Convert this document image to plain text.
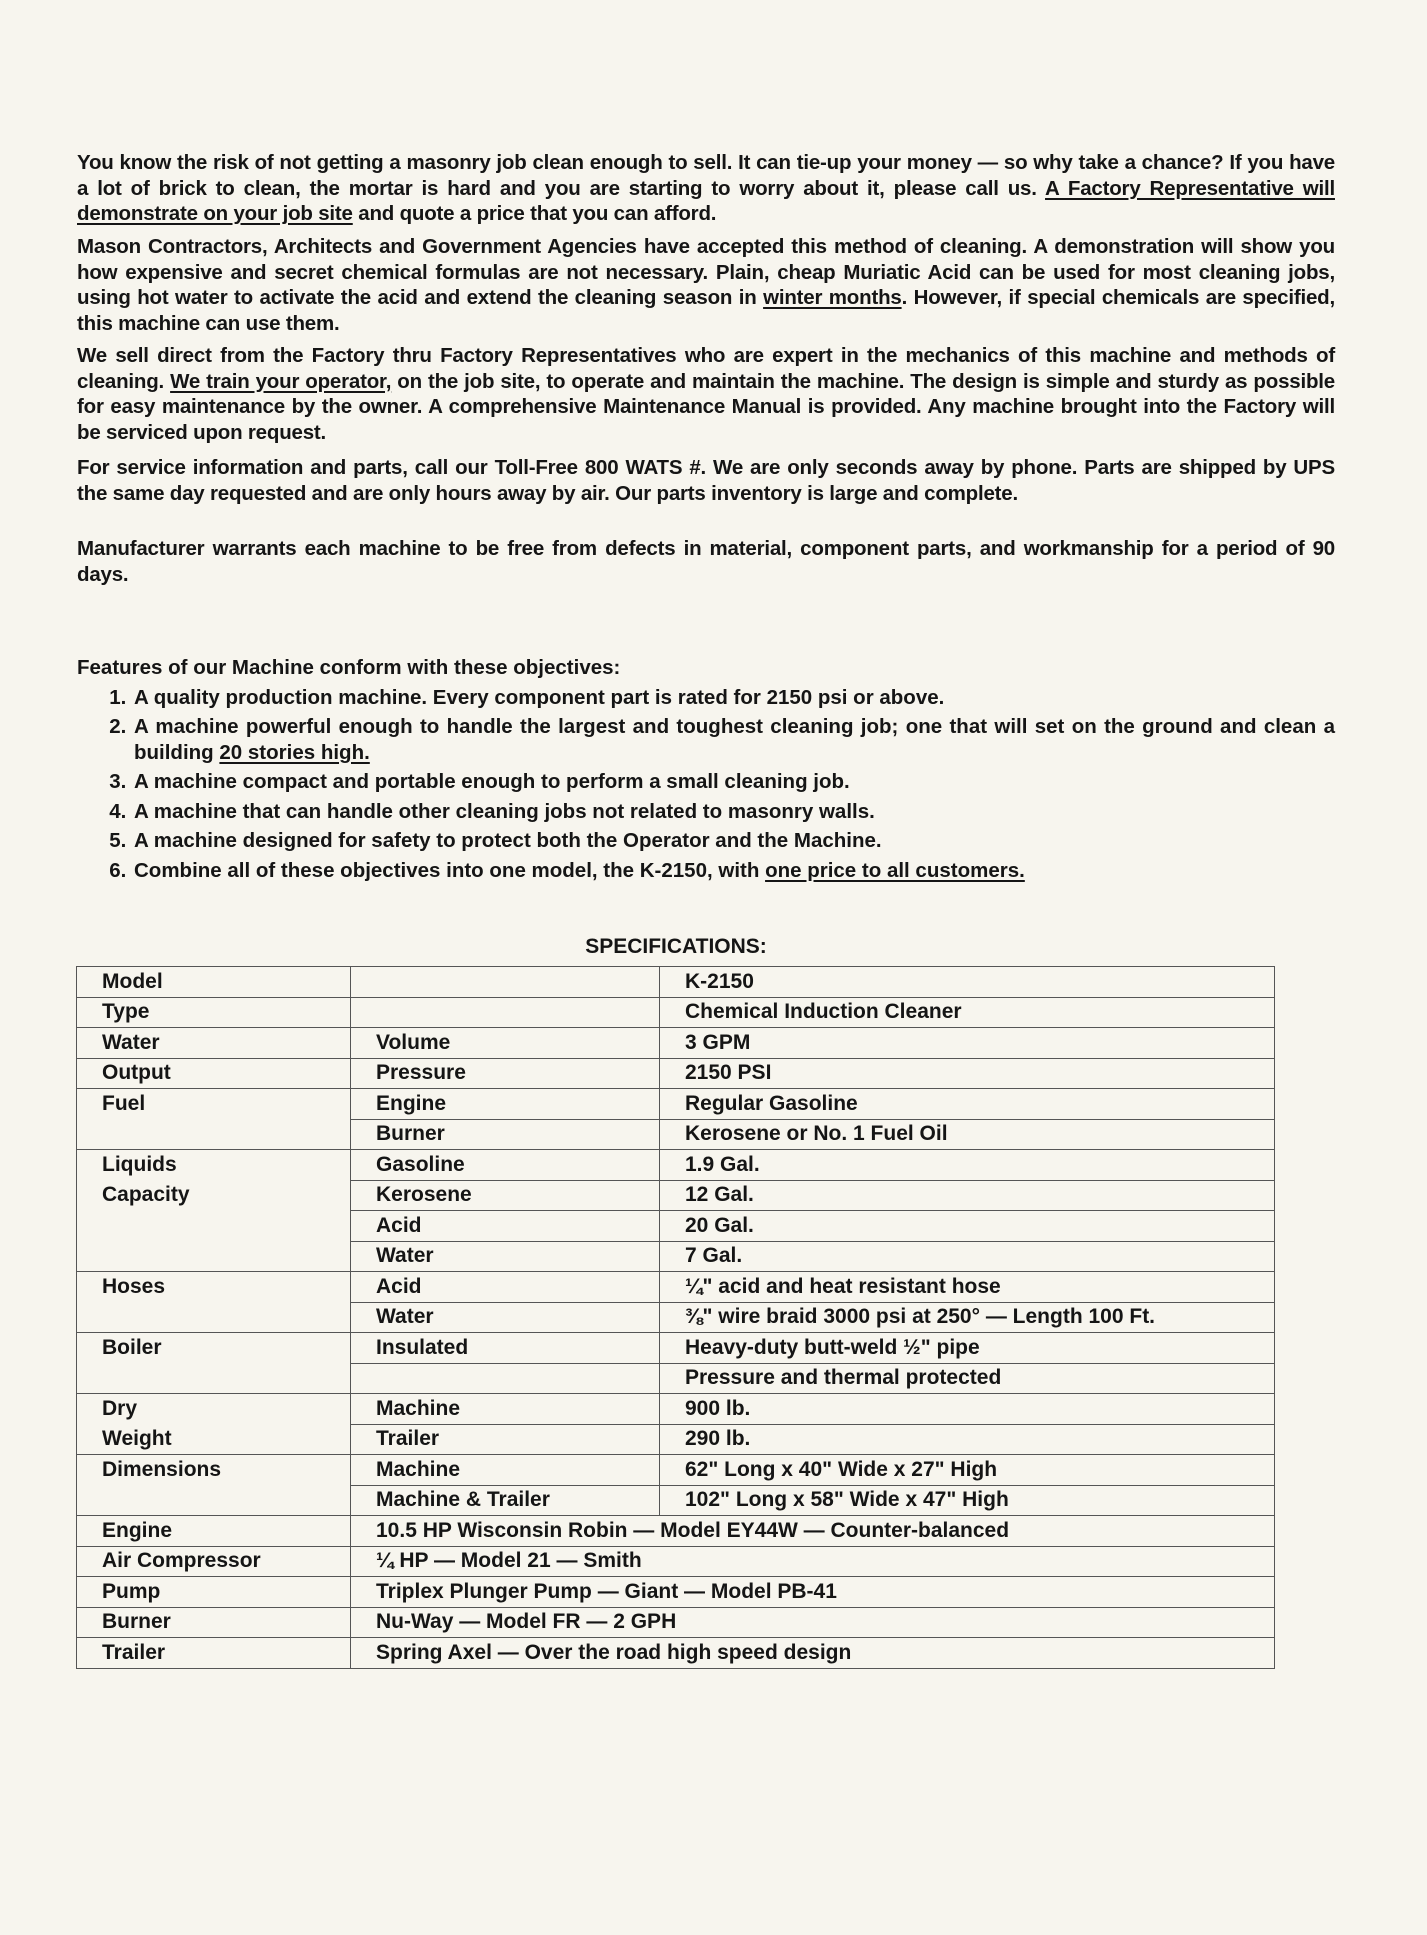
You know the risk of not getting a masonry job clean enough to sell. It can tie-up your money — so why take a chance? If you have a lot of brick to clean, the mortar is hard and you are starting to worry about it, please call us. A Factory Representative will demonstrate on your job site and quote a price that you can afford.

Mason Contractors, Architects and Government Agencies have accepted this method of cleaning. A demonstration will show you how expensive and secret chemical formulas are not necessary. Plain, cheap Muriatic Acid can be used for most cleaning jobs, using hot water to activate the acid and extend the cleaning season in winter months. However, if special chemicals are specified, this machine can use them.

We sell direct from the Factory thru Factory Representatives who are expert in the mechanics of this machine and methods of cleaning. We train your operator, on the job site, to operate and maintain the machine. The design is simple and sturdy as possible for easy maintenance by the owner. A comprehensive Maintenance Manual is provided. Any machine brought into the Factory will be serviced upon request.

For service information and parts, call our Toll-Free 800 WATS #. We are only seconds away by phone. Parts are shipped by UPS the same day requested and are only hours away by air. Our parts inventory is large and complete.

Manufacturer warrants each machine to be free from defects in material, component parts, and workmanship for a period of 90 days.

Features of our Machine conform with these objectives:
1. A quality production machine. Every component part is rated for 2150 psi or above.
2. A machine powerful enough to handle the largest and toughest cleaning job; one that will set on the ground and clean a building 20 stories high.
3. A machine compact and portable enough to perform a small cleaning job.
4. A machine that can handle other cleaning jobs not related to masonry walls.
5. A machine designed for safety to protect both the Operator and the Machine.
6. Combine all of these objectives into one model, the K-2150, with one price to all customers.
SPECIFICATIONS:
Model		K-2150
Type		Chemical Induction Cleaner
Water	Volume	3 GPM
Output	Pressure	2150 PSI
Fuel	Engine	Regular Gasoline
	Burner	Kerosene or No. 1 Fuel Oil
Liquids	Gasoline	1.9 Gal.
Capacity	Kerosene	12 Gal.
	Acid	20 Gal.
	Water	7 Gal.
Hoses	Acid	¼" acid and heat resistant hose
	Water	⅜" wire braid 3000 psi at 250° — Length 100 Ft.
Boiler	Insulated	Heavy-duty butt-weld ½" pipe
		Pressure and thermal protected
Dry	Machine	900 lb.
Weight	Trailer	290 lb.
Dimensions	Machine	62" Long x 40" Wide x 27" High
	Machine & Trailer	102" Long x 58" Wide x 47" High
Engine	10.5 HP Wisconsin Robin — Model EY44W — Counter-balanced	
Air Compressor	¼ HP — Model 21 — Smith	
Pump	Triplex Plunger Pump — Giant — Model PB-41	
Burner	Nu-Way — Model FR — 2 GPH	
Trailer	Spring Axel — Over the road high speed design	
